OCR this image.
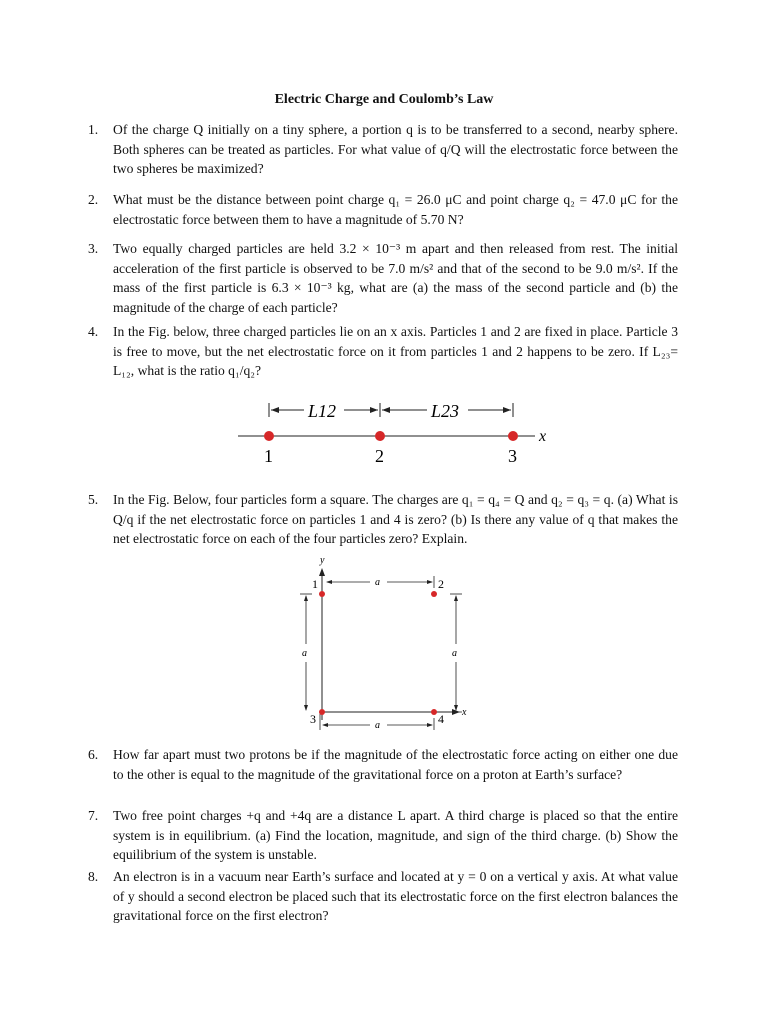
Electric Charge and Coulomb’s Law
1. Of the charge Q initially on a tiny sphere, a portion q is to be transferred to a second, nearby sphere. Both spheres can be treated as particles. For what value of q/Q will the electrostatic force between the two spheres be maximized?
2. What must be the distance between point charge q₁ = 26.0 μC and point charge q₂ = 47.0 μC for the electrostatic force between them to have a magnitude of 5.70 N?
3. Two equally charged particles are held 3.2 × 10⁻³ m apart and then released from rest. The initial acceleration of the first particle is observed to be 7.0 m/s² and that of the second to be 9.0 m/s². If the mass of the first particle is 6.3 × 10⁻³ kg, what are (a) the mass of the second particle and (b) the magnitude of the charge of each particle?
4. In the Fig. below, three charged particles lie on an x axis. Particles 1 and 2 are fixed in place. Particle 3 is free to move, but the net electrostatic force on it from particles 1 and 2 happens to be zero. If L₂₃= L₁₂, what is the ratio q₁/q₂?
L12	L23
x
1	2	3
5. In the Fig. Below, four particles form a square. The charges are q₁ = q₄ = Q and q₂ = q₃ = q. (a) What is Q/q if the net electrostatic force on particles 1 and 4 is zero? (b) Is there any value of q that makes the net electrostatic force on each of the four particles zero? Explain.
y
x
a
a	a
a
1	2
3	4
6. How far apart must two protons be if the magnitude of the electrostatic force acting on either one due to the other is equal to the magnitude of the gravitational force on a proton at Earth’s surface?
7. Two free point charges +q and +4q are a distance L apart. A third charge is placed so that the entire system is in equilibrium. (a) Find the location, magnitude, and sign of the third charge. (b) Show the equilibrium of the system is unstable.
8. An electron is in a vacuum near Earth’s surface and located at y = 0 on a vertical y axis. At what value of y should a second electron be placed such that its electrostatic force on the first electron balances the gravitational force on the first electron?
